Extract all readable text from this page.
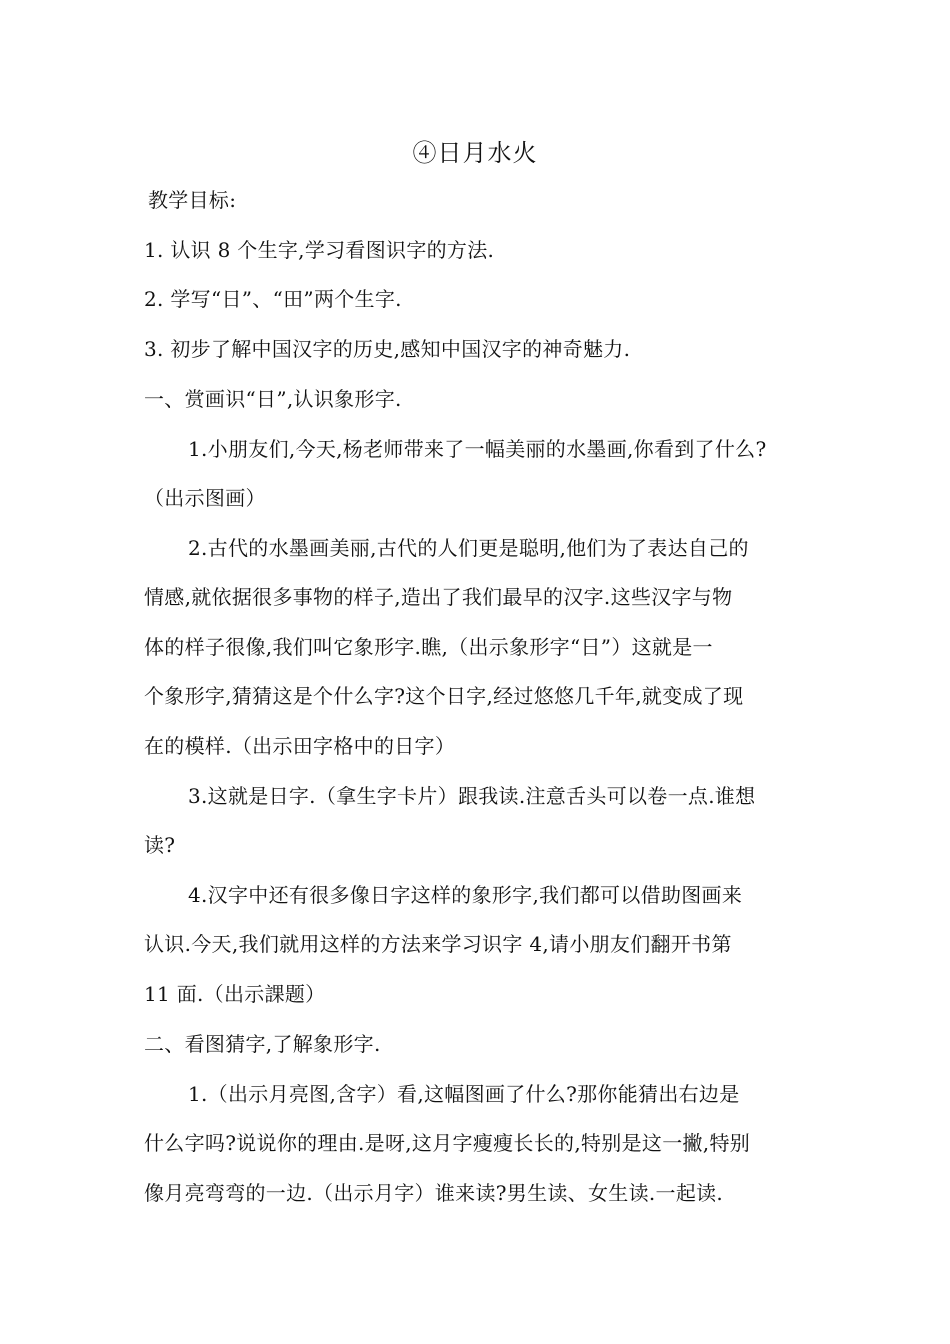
④日月水火
教学目标:
1. 认识 8 个生字,学习看图识字的方法.
2. 学写“日”、“田”两个生字.
3. 初步了解中国汉字的历史,感知中国汉字的神奇魅力.
一、赏画识“日”,认识象形字.
1.小朋友们,今天,杨老师带来了一幅美丽的水墨画,你看到了什么?
（出示图画）
2.古代的水墨画美丽,古代的人们更是聪明,他们为了表达自己的
情感,就依据很多事物的样子,造出了我们最早的汉字.这些汉字与物
体的样子很像,我们叫它象形字.瞧,（出示象形字“日”）这就是一
个象形字,猜猜这是个什么字?这个日字,经过悠悠几千年,就变成了现
在的模样.（出示田字格中的日字）
3.这就是日字.（拿生字卡片）跟我读.注意舌头可以卷一点.谁想
读?
4.汉字中还有很多像日字这样的象形字,我们都可以借助图画来
认识.今天,我们就用这样的方法来学习识字 4,请小朋友们翻开书第
11 面.（出示課题）
二、看图猜字,了解象形字.
1.（出示月亮图,含字）看,这幅图画了什么?那你能猜出右边是
什么字吗?说说你的理由.是呀,这月字瘦瘦长长的,特别是这一撇,特别
像月亮弯弯的一边.（出示月字）谁来读?男生读、女生读.一起读.
